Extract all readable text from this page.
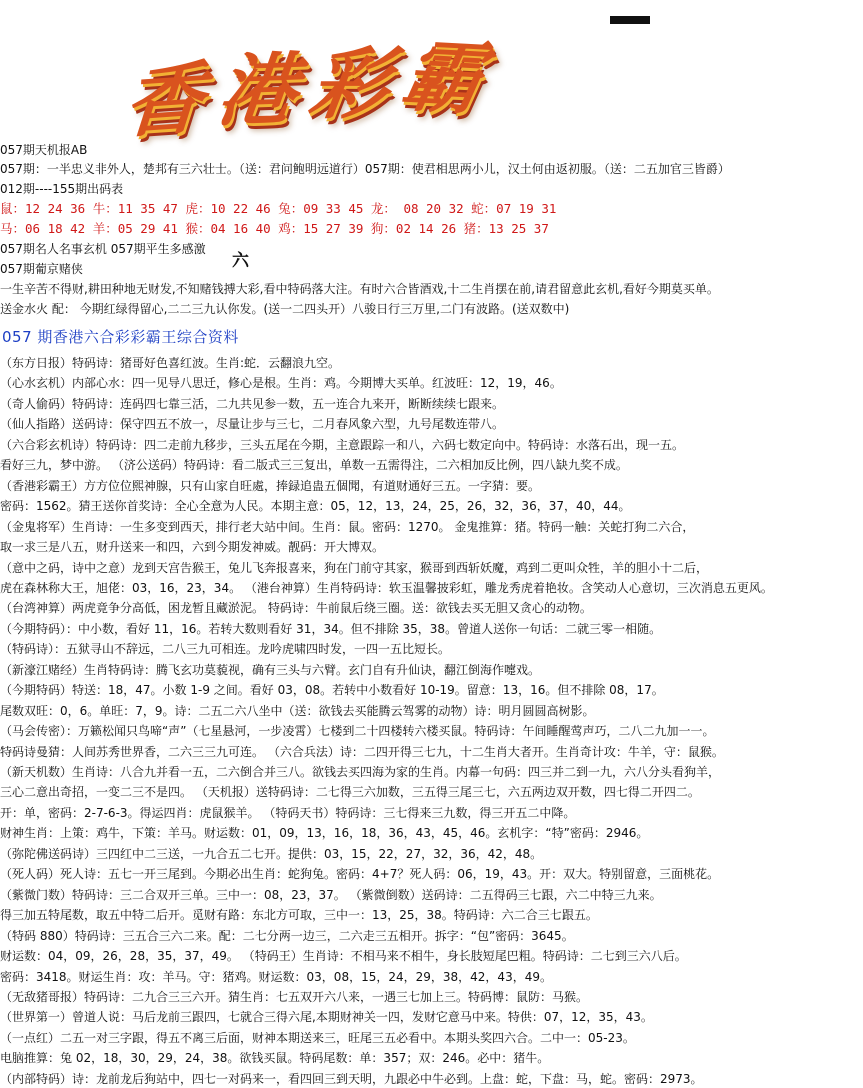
香港彩霸
057期天机报AB
057期：一半忠义非外人，楚邦有三六壮士。（送：君问鲍明远道行）057期：使君相思两小儿，汉土何由返初服。（送：二五加官三皆爵）
012期----155期出码表
鼠：12 24 36 牛：11 35 47 虎：10 22 46 兔：09 33 45 龙： 08 20 32 蛇：07 19 31
马：06 18 42 羊：05 29 41 猴：04 16 40 鸡：15 27 39 狗：02 14 26 猪：13 25 37
057期名人名事玄机 057期平生多感激
六
057期葡京赌侠
一生辛苦不得财,耕田种地无财发,不知赌钱搏大彩,看中特码落大注。有时六合皆酒戏,十二生肖摆在前,请君留意此玄机,看好今期莫买单。
送金水火 配： 今期红绿得留心,二二三九认你发。(送一二四头开）八骏日行三万里,二门有波路。(送双数中)
057 期香港六合彩彩霸王综合资料
（东方日报）特码诗：猪哥好色喜红波。生肖:蛇．云翻浪九空。
（心水玄机）内部心水：四一见导八思迁，修心是根。生肖：鸡。今期博大买单。红波旺：12，19，46。
（奇人偷码）特码诗：连码四七靠三活，二九共见参一数，五一连合九来开，断断续续七跟来。
（仙人指路）送码诗：保守四五不放一，尽量让步与三七，二月春风象六型，九号尾数连带八。
（六合彩玄机诗）特码诗：四二走前九移步，三头五尾在今期，主意跟踪一和八，六码七数定向中。特码诗：水落石出，现一五。
看好三九，梦中游。 （济公送码）特码诗：看二版式三三复出，单数一五需得注，二六相加反比例，四八缺九奖不成。
（香港彩霸王）方方位位熙神腺，只有山家自旺處，捧録追蛊五個聞，有道财通好三五。一字猜：要。
密码：1562。猜王送你首奖诗：全心全意为人民。本期主意：05，12，13，24，25，26，32，36，37，40，44。
（金鬼将军）生肖诗：一生多变到西天，排行老大站中间。生肖：鼠。密码：1270。 金鬼推算：猪。特码一触：关蛇打狗二六合，
取一求三是八五，财升送来一和四，六到今期发神威。靓码：开大博双。
（意中之码，诗中之意）龙到天宫告猴王，兔儿飞奔报喜来，狗在门前守其家，猴哥到西斩妖魔，鸡到二更叫众牲，羊的胆小十二后，
虎在森林称大王，旭佬：03，16，23，34。 （港台神算）生肖特码诗：软玉温馨披彩虹，雕龙秀虎着艳妆。含笑动人心意切，三次消息五更风。
（台湾神算）两虎竟争分高低，困龙暂且藏淤泥。 特码诗：牛前鼠后绕三圈。送：欲钱去买无胆又贪心的动物。
（今期特码）：中小数，看好 11，16。若转大数则看好 31，34。但不排除 35，38。曾道人送你一句话：二就三零一相随。
（特码诗）：五狱寻山不辞远，二八三九可相连。龙吟虎啸四时发，一四一五比短长。
（新濠江赌经）生肖特码诗：腾飞玄功莫藐视，确有三头与六臂。玄门自有升仙诀，翻江倒海作嚏戏。
（今期特码）特送：18，47。小数 1-9 之间。看好 03，08。若转中小数看好 10-19。留意：13，16。但不排除 08，17。
尾数双旺：0，6。单旺：7，9。诗：二五二六八坐中（送：欲钱去买能腾云驾雾的动物）诗：明月圆圆高树影。
（马会传密）：万籁松闻只鸟啼“声”（七星悬河，一步凌霄）七楼到二十四楼转六楼买鼠。特码诗：午间睡醒莺声巧，二八二九加一一。
特码诗曼猜：人间苏秀世界香，二六三三九可连。 （六合兵法）诗：二四开得三七九，十二生肖大者开。生肖奇计攻：牛羊，守：鼠猴。
（新天机数）生肖诗：八合九并看一五，二六倒合并三八。欲钱去买四海为家的生肖。内幕一句码：四三并二到一九，六八分头看狗羊，
三心二意出奇招，一变二三不是四。 （天机报）送特码诗：二七得三六加数，三五得三尾三七，六五两边双开数，四七得二开四二。
开：单，密码：2-7-6-3。得运四肖：虎鼠猴羊。 （特码天书）特码诗：三七得来三九数，得三开五二中降。
财神生肖：上策：鸡牛，下策：羊马。财运数：01，09，13，16，18，36，43，45，46。玄机字：“特”密码：2946。
（弥陀佛送码诗）三四红中二三送，一九合五二七开。提供：03，15，22，27，32，36，42，48。
（死人码）死人诗：五七一开三尾到。今期必出生肖：蛇狗兔。密码：4+7？死人码：06，19，43。开：双大。特别留意，三面桃花。
（紫微门数）特码诗：三二合双开三单。三中一：08，23，37。 （紫微倒数）送码诗：二五得码三七跟，六二中特三九来。
得三加五特尾数，取五中特二后开。觅财有路：东北方可取，三中一：13，25，38。特码诗：六二合三七跟五。
（特码 880）特码诗：三五合三六二来。配：二七分两一边三，二六走三五相开。拆字：“包”密码：3645。
财运数：04，09，26，28，35，37，49。 （特码王）生肖诗：不相马来不相牛，身长肢短尾巴粗。特码诗：二七到三六八后。
密码：3418。财运生肖：攻：羊马。守：猪鸡。财运数：03，08，15，24，29，38，42，43，49。
（无敌猪哥报）特码诗：二九合三三六开。猜生肖：七五双开六八来，一遇三七加上三。特码博：鼠防：马猴。
（世界第一）曾道人说：马后龙前三跟四，七就合三得六尾,本期财神关一四，发财它意马中来。特供：07，12，35，43。
（一点红）二五一对三字跟，得五不离三后面，财神本期送来三，旺尾三五必看中。本期头奖四六合。二中一：05-23。
电脑推算：兔 02，18，30，29，24，38。欲钱买鼠。特码尾数：单：357；双：246。必中：猪牛。
（内部特码）诗：龙前龙后狗站中，四七一对码来一，看四回三到天明，九跟必中牛必到。上盘：蛇，下盘：马，蛇。密码：2973。
